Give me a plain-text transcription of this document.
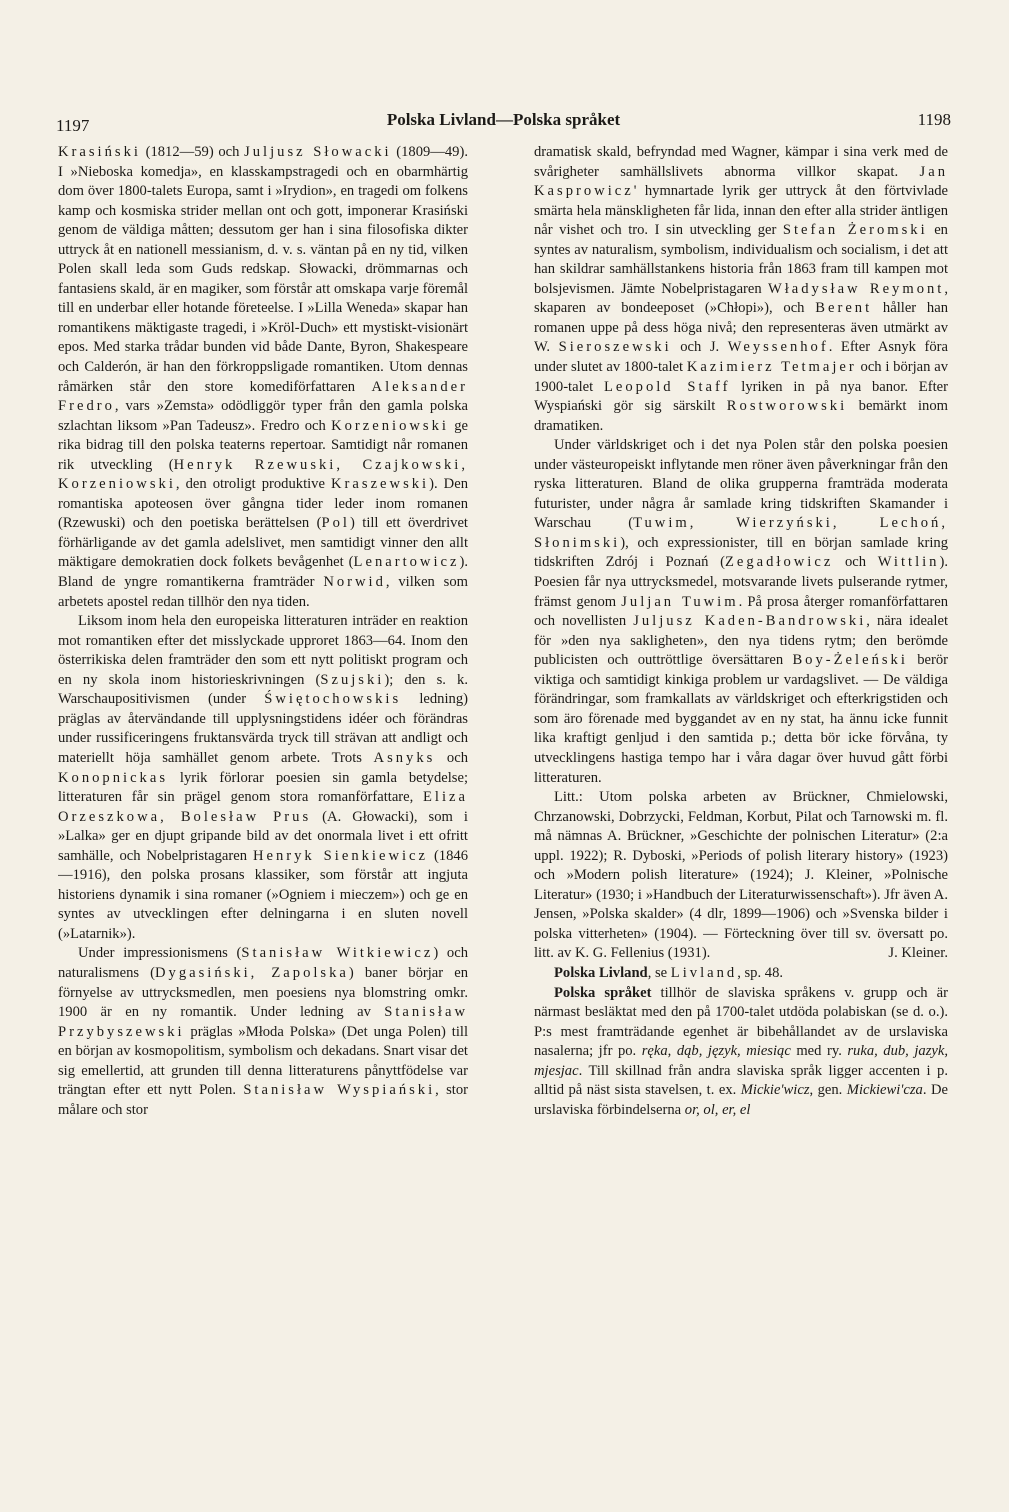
1197	Polska Livland—Polska språket	1198

Krasiński (1812—59) och Juljusz Słowacki (1809—49). I »Nieboska komedja», en klasskampstragedi och en obarmhärtig dom över 1800-talets Europa, samt i »Irydion», en tragedi om folkens kamp och kosmiska strider mellan ont och gott, imponerar Krasiński genom de väldiga måtten; dessutom ger han i sina filosofiska dikter uttryck åt en nationell messianism, d. v. s. väntan på en ny tid, vilken Polen skall leda som Guds redskap. Słowacki, drömmarnas och fantasiens skald, är en magiker, som förstår att omskapa varje föremål till en underbar eller hotande företeelse. I »Lilla Weneda» skapar han romantikens mäktigaste tragedi, i »Kröl-Duch» ett mystiskt-visionärt epos. Med starka trådar bunden vid både Dante, Byron, Shakespeare och Calderón, är han den förkroppsligade romantiken. Utom dennas råmärken står den store komediförfattaren Aleksander Fredro, vars »Zemsta» odödliggör typer från den gamla polska szlachtan liksom »Pan Tadeusz». Fredro och Korzeniowski ge rika bidrag till den polska teaterns repertoar. Samtidigt når romanen rik utveckling (Henryk Rzewuski, Czajkowski, Korzeniowski, den otroligt produktive Kraszewski). Den romantiska apoteosen över gångna tider leder inom romanen (Rzewuski) och den poetiska berättelsen (Pol) till ett överdrivet förhärligande av det gamla adelslivet, men samtidigt vinner den allt mäktigare demokratien dock folkets bevågenhet (Lenartowicz). Bland de yngre romantikerna framträder Norwid, vilken som arbetets apostel redan tillhör den nya tiden.

Liksom inom hela den europeiska litteraturen inträder en reaktion mot romantiken efter det misslyckade upproret 1863—64. Inom den österrikiska delen framträder den som ett nytt politiskt program och en ny skola inom historieskrivningen (Szujski); den s. k. Warschaupositivismen (under Świętochowskis ledning) präglas av återvändande till upplysningstidens idéer och förändras under russificeringens fruktansvärda tryck till strävan att andligt och materiellt höja samhället genom arbete. Trots Asnyks och Konopnickas lyrik förlorar poesien sin gamla betydelse; litteraturen får sin prägel genom stora romanförfattare, Eliza Orzeszkowa, Bolesław Prus (A. Głowacki), som i »Lalka» ger en djupt gripande bild av det onormala livet i ett ofritt samhälle, och Nobelpristagaren Henryk Sienkiewicz (1846—1916), den polska prosans klassiker, som förstår att ingjuta historiens dynamik i sina romaner (»Ogniem i mieczem») och ge en syntes av utvecklingen efter delningarna i en sluten novell (»Latarnik»).

Under impressionismens (Stanisław Witkiewicz) och naturalismens (Dygasiński, Zapolska) baner börjar en förnyelse av uttrycksmedlen, men poesiens nya blomstring omkr. 1900 är en ny romantik. Under ledning av Stanisław Przybyszewski präglas »Młoda Polska» (Det unga Polen) till en början av kosmopolitism, symbolism och dekadans. Snart visar det sig emellertid, att grunden till denna litteraturens pånyttfödelse var trängtan efter ett nytt Polen. Stanisław Wyspiański, stor målare och stor

dramatisk skald, befryndad med Wagner, kämpar i sina verk med de svårigheter samhällslivets abnorma villkor skapat. Jan Kasprowicz' hymnartade lyrik ger uttryck åt den förtvivlade smärta hela mänskligheten får lida, innan den efter alla strider äntligen når vishet och tro. I sin utveckling ger Stefan Żeromski en syntes av naturalism, symbolism, individualism och socialism, i det att han skildrar samhällstankens historia från 1863 fram till kampen mot bolsjevismen. Jämte Nobelpristagaren Władysław Reymont, skaparen av bondeeposet (»Chłopi»), och Berent håller han romanen uppe på dess höga nivå; den representeras även utmärkt av W. Sieroszewski och J. Weyssenhof. Efter Asnyk föra under slutet av 1800-talet Kazimierz Tetmajer och i början av 1900-talet Leopold Staff lyriken in på nya banor. Efter Wyspiański gör sig särskilt Rostworowski bemärkt inom dramatiken.

Under världskriget och i det nya Polen står den polska poesien under västeuropeiskt inflytande men röner även påverkningar från den ryska litteraturen. Bland de olika grupperna framträda moderata futurister, under några år samlade kring tidskriften Skamander i Warschau (Tuwim, Wierzyński, Lechoń, Słonimski), och expressionister, till en början samlade kring tidskriften Zdrój i Poznań (Zegadłowicz och Wittlin). Poesien får nya uttrycksmedel, motsvarande livets pulserande rytmer, främst genom Juljan Tuwim. På prosa återger romanförfattaren och novellisten Juljusz Kaden-Bandrowski, nära idealet för »den nya sakligheten», den nya tidens rytm; den berömde publicisten och outtröttlige översättaren Boy-Żeleński berör viktiga och samtidigt kinkiga problem ur vardagslivet. — De väldiga förändringar, som framkallats av världskriget och efterkrigstiden och som äro förenade med byggandet av en ny stat, ha ännu icke funnit lika kraftigt genljud i den samtida p.; detta bör icke förvåna, ty utvecklingens hastiga tempo har i våra dagar över huvud gått förbi litteraturen.

Litt.: Utom polska arbeten av Brückner, Chmielowski, Chrzanowski, Dobrzycki, Feldman, Korbut, Pilat och Tarnowski m. fl. må nämnas A. Brückner, »Geschichte der polnischen Literatur» (2:a uppl. 1922); R. Dyboski, »Periods of polish literary history» (1923) och »Modern polish literature» (1924); J. Kleiner, »Polnische Literatur» (1930; i »Handbuch der Literaturwissenschaft»). Jfr även A. Jensen, »Polska skalder» (4 dlr, 1899—1906) och »Svenska bilder i polska vitterheten» (1904). — Förteckning över till sv. översatt po. litt. av K. G. Fellenius (1931).	J. Kleiner.

Polska Livland, se Livland, sp. 48.

Polska språket tillhör de slaviska språkens v. grupp och är närmast besläktat med den på 1700-talet utdöda polabiskan (se d. o.). P:s mest framträdande egenhet är bibehållandet av de urslaviska nasalerna; jfr po. ręka, dąb, język, miesiąc med ry. ruka, dub, jazyk, mjesjac. Till skillnad från andra slaviska språk ligger accenten i p. alltid på näst sista stavelsen, t. ex. Mickie'wicz, gen. Mickiewi'cza. De urslaviska förbindelserna or, ol, er, el
